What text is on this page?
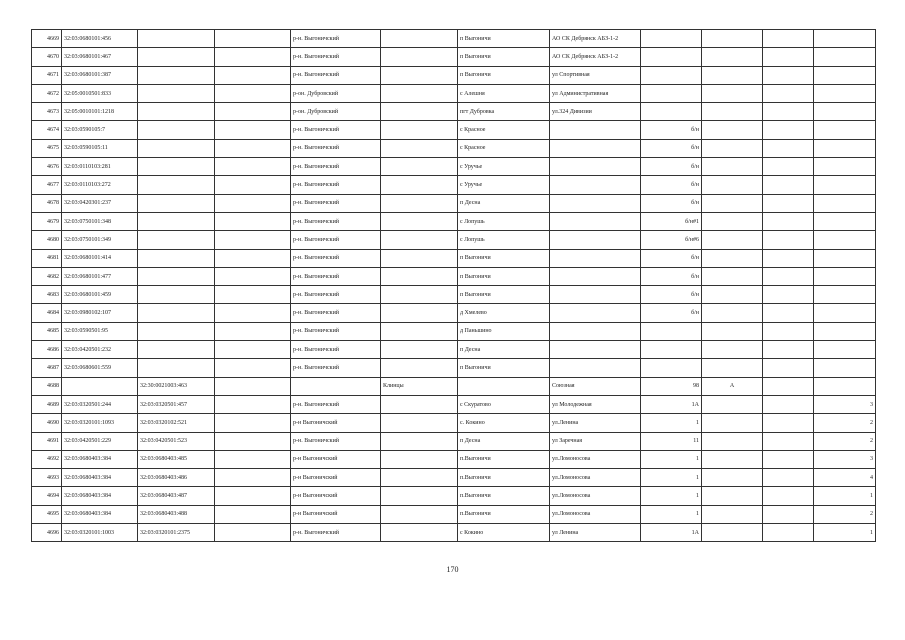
4669	32:03:0680101:456			р-н. Выгоничский		п Выгоничи	АО СК Дебрянск АБЗ-1-2				
4670	32:03:0680101:467			р-н. Выгоничский		п Выгоничи	АО СК Дебрянск АБЗ-1-2				
4671	32:03:0680101:387			р-н. Выгоничский		п Выгоничи	ул Спортивная				
4672	32:05:0010501:833			р-он. Дубровский		с Алешня	ул Административная				
4673	32:05:0010101:1218			р-он. Дубровский		пгт Дубровка	ул.324 Дивизии				
4674	32:03:0590105:7			р-н. Выгоничский		с Красное		б/н			
4675	32:03:0590105:11			р-н. Выгоничский		с Красное		б/н			
4676	32:03:0110103:281			р-н. Выгоничский		с Уручье		б/н			
4677	32:03:0110103:272			р-н. Выгоничский		с Уручье		б/н			
4678	32:03:0420301:237			р-н. Выгоничский		п Десна		б/н			
4679	32:03:0750101:348			р-н. Выгоничский		с Лопушь		б/н#1			
4680	32:03:0750101:349			р-н. Выгоничский		с Лопушь		б/н#6			
4681	32:03:0680101:414			р-н. Выгоничский		п Выгоничи		б/н			
4682	32:03:0680101:477			р-н. Выгоничский		п Выгоничи		б/н			
4683	32:03:0680101:459			р-н. Выгоничский		п Выгоничи		б/н			
4684	32:03:0980102:107			р-н. Выгоничский		д Хмелево		б/н			
4685	32:03:0590501:95			р-н. Выгоничский		д Паньшино					
4686	32:03:0420501:232			р-н. Выгоничский		п Десна					
4687	32:03:0680601:559			р-н. Выгоничский		п Выгоничи					
4688		32:30:0021003:463			Клинцы		Союзная	98	А		
4689	32:03:0320501:244	32:03:0320501:457		р-н. Выгоничский		с Скуратово	ул Молодежная	1А			3
4690	32:03:0320101:1093	32:03:0320102:521		р-н Выгоничский		с. Кокино	ул.Ленина	1			2
4691	32:03:0420501:229	32:03:0420501:523		р-н. Выгоничский		п Десна	ул Заречная	11			2
4692	32:03:0680403:384	32:03:0680403:485		р-н Выгоничский		п.Выгоничи	ул.Ломоносова	1			3
4693	32:03:0680403:384	32:03:0680403:486		р-н Выгоничский		п.Выгоничи	ул.Ломоносова	1			4
4694	32:03:0680403:384	32:03:0680403:487		р-н Выгоничский		п.Выгоничи	ул.Ломоносова	1			1
4695	32:03:0680403:384	32:03:0680403:488		р-н Выгоничский		п.Выгоничи	ул.Ломоносова	1			2
4696	32:03:0320101:1003	32:03:0320101:2375		р-н. Выгоничский		с Кокино	ул Ленина	1А			1
170
